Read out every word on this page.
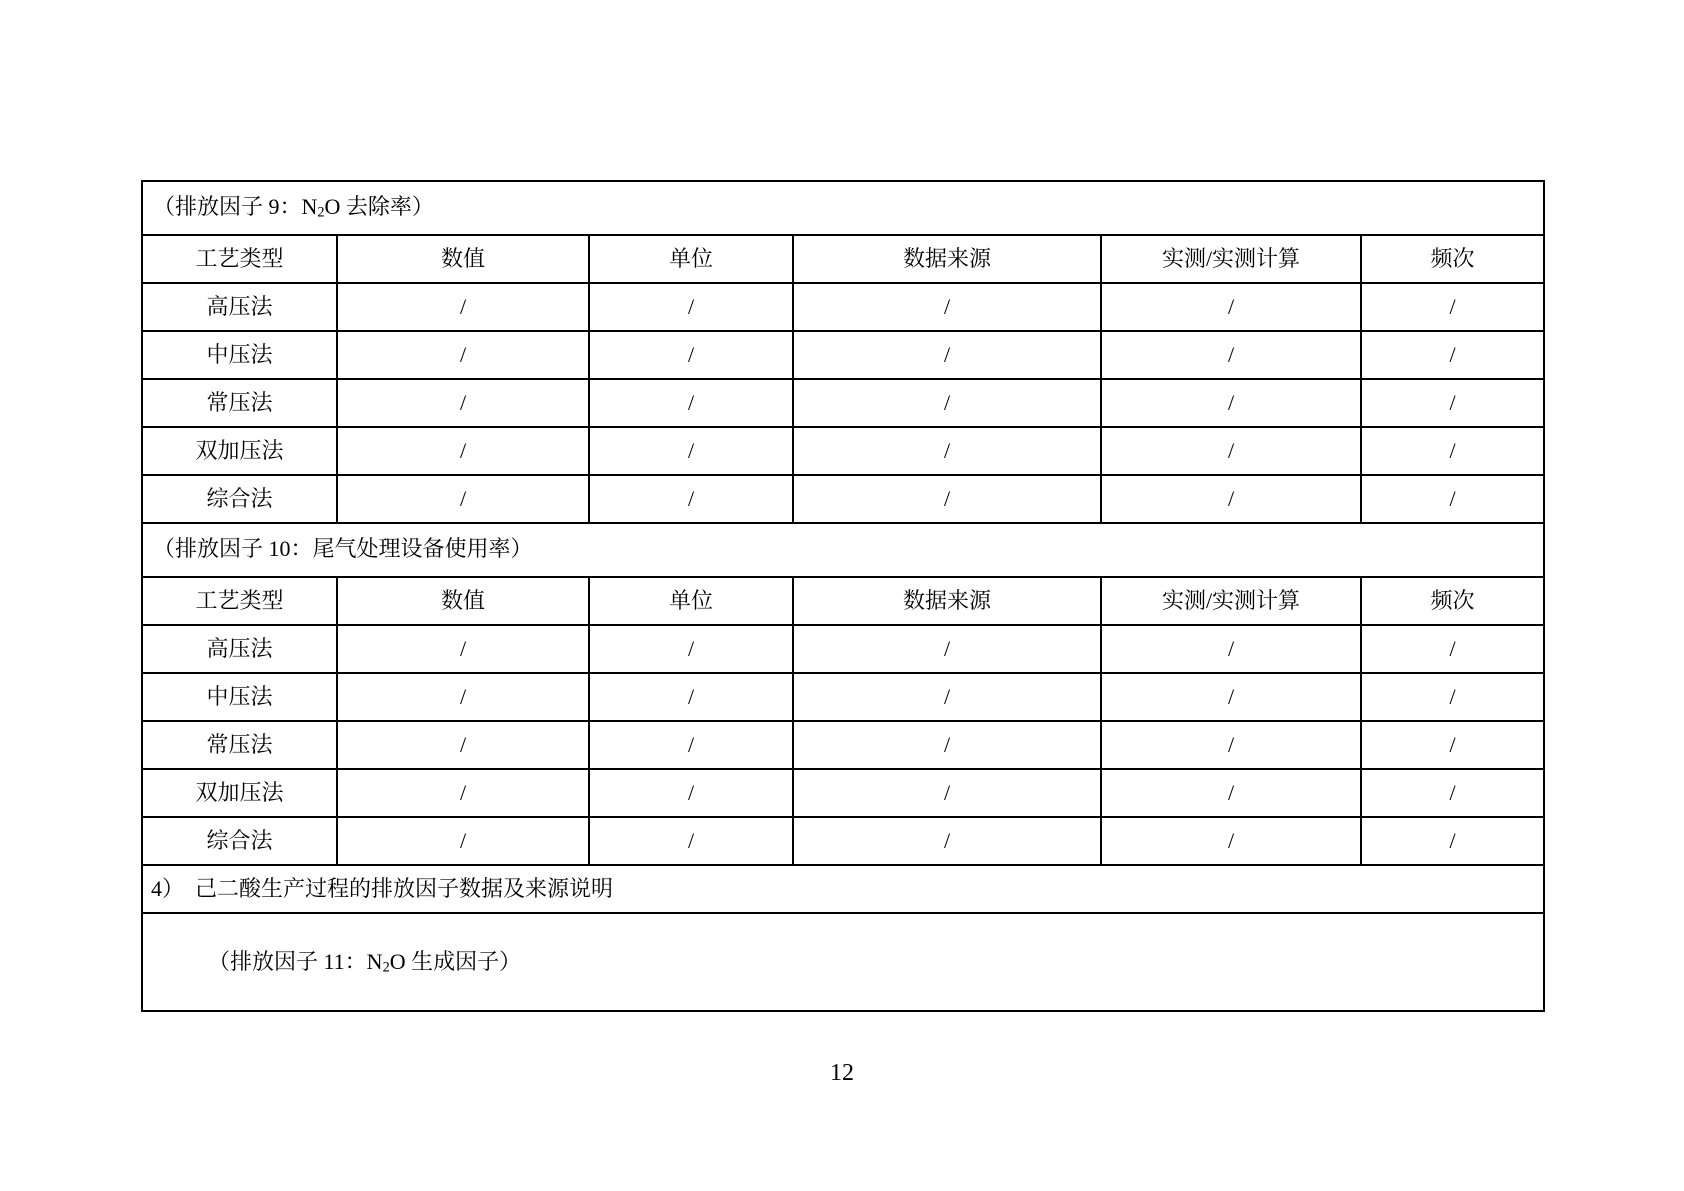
（排放因子 9：N2O 去除率）					
工艺类型	数值	单位	数据来源	实测/实测计算	频次
高压法	/	/	/	/	/
中压法	/	/	/	/	/
常压法	/	/	/	/	/
双加压法	/	/	/	/	/
综合法	/	/	/	/	/
（排放因子 10：尾气处理设备使用率）					
工艺类型	数值	单位	数据来源	实测/实测计算	频次
高压法	/	/	/	/	/
中压法	/	/	/	/	/
常压法	/	/	/	/	/
双加压法	/	/	/	/	/
综合法	/	/	/	/	/
4）　己二酸生产过程的排放因子数据及来源说明					

（排放因子 11：N2O 生成因子）					

12
